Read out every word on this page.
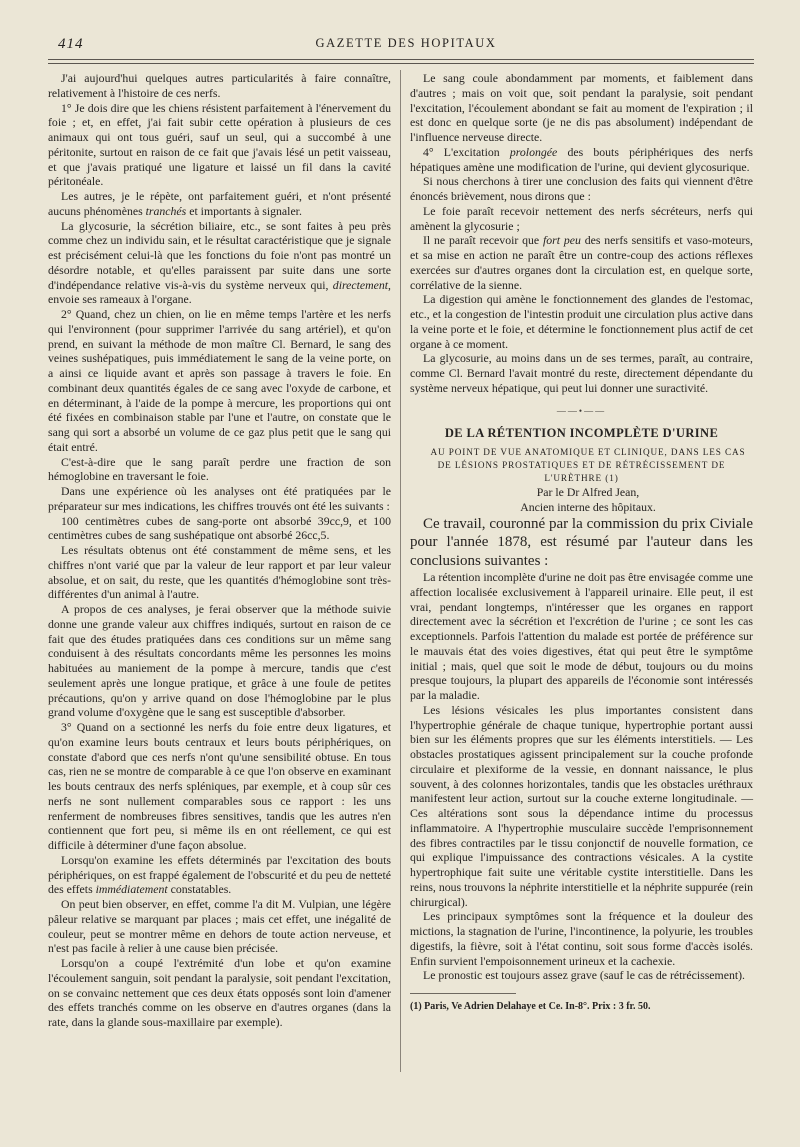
414	GAZETTE DES HOPITAUX

J'ai aujourd'hui quelques autres particularités à faire connaître, relativement à l'histoire de ces nerfs.

1° Je dois dire que les chiens résistent parfaitement à l'énervement du foie ; et, en effet, j'ai fait subir cette opération à plusieurs de ces animaux qui ont tous guéri, sauf un seul, qui a succombé à une péritonite, surtout en raison de ce fait que j'avais lésé un petit vaisseau, et que j'avais pratiqué une ligature et laissé un fil dans la cavité péritonéale.

Les autres, je le répète, ont parfaitement guéri, et n'ont présenté aucuns phénomènes tranchés et importants à signaler.

La glycosurie, la sécrétion biliaire, etc., se sont faites à peu près comme chez un individu sain, et le résultat caractéristique que je signale est précisément celui-là que les fonctions du foie n'ont pas montré un désordre notable, et qu'elles paraissent par suite dans une sorte d'indépendance relative vis-à-vis du système nerveux qui, directement, envoie ses rameaux à l'organe.

2° Quand, chez un chien, on lie en même temps l'artère et les nerfs qui l'environnent (pour supprimer l'arrivée du sang artériel), et qu'on prend, en suivant la méthode de mon maître Cl. Bernard, le sang des veines sushépatiques, puis immédiatement le sang de la veine porte, on a ainsi ce liquide avant et après son passage à travers le foie. En combinant deux quantités égales de ce sang avec l'oxyde de carbone, et en déterminant, à l'aide de la pompe à mercure, les proportions qui ont été fixées en combinaison stable par l'une et l'autre, on constate que le sang qui sort a absorbé un volume de ce gaz plus petit que le sang qui était entré.

C'est-à-dire que le sang paraît perdre une fraction de son hémoglobine en traversant le foie.

Dans une expérience où les analyses ont été pratiquées par le préparateur sur mes indications, les chiffres trouvés ont été les suivants :

100 centimètres cubes de sang-porte ont absorbé 39cc,9, et 100 centimètres cubes de sang sushépatique ont absorbé 26cc,5.

Les résultats obtenus ont été constamment de même sens, et les chiffres n'ont varié que par la valeur de leur rapport et par leur valeur absolue, et on sait, du reste, que les quantités d'hémoglobine sont très-différentes d'un animal à l'autre.

A propos de ces analyses, je ferai observer que la méthode suivie donne une grande valeur aux chiffres indiqués, surtout en raison de ce fait que des études pratiquées dans ces conditions sur un même sang conduisent à des résultats concordants même les personnes les moins habituées au maniement de la pompe à mercure, tandis que c'est seulement après une longue pratique, et grâce à une foule de petites précautions, qu'on y arrive quand on dose l'hémoglobine par le plus grand volume d'oxygène que le sang est susceptible d'absorber.

3° Quand on a sectionné les nerfs du foie entre deux ligatures, et qu'on examine leurs bouts centraux et leurs bouts périphériques, on constate d'abord que ces nerfs n'ont qu'une sensibilité obtuse. En tous cas, rien ne se montre de comparable à ce que l'on observe en examinant les bouts centraux des nerfs spléniques, par exemple, et à coup sûr ces nerfs ne sont nullement comparables sous ce rapport : les uns renferment de nombreuses fibres sensitives, tandis que les autres n'en contiennent que fort peu, si même ils en ont réellement, ce qui est difficile à déterminer d'une façon absolue.

Lorsqu'on examine les effets déterminés par l'excitation des bouts périphériques, on est frappé également de l'obscurité et du peu de netteté des effets immédiatement constatables.

On peut bien observer, en effet, comme l'a dit M. Vulpian, une légère pâleur relative se marquant par places ; mais cet effet, une inégalité de couleur, peut se montrer même en dehors de toute action nerveuse, et n'est pas facile à relier à une cause bien précisée.

Lorsqu'on a coupé l'extrémité d'un lobe et qu'on examine l'écoulement sanguin, soit pendant la paralysie, soit pendant l'excitation, on se convainc nettement que ces deux états opposés sont loin d'amener des effets tranchés comme on les observe en d'autres organes (dans la rate, dans la glande sous-maxillaire par exemple).

Le sang coule abondamment par moments, et faiblement dans d'autres ; mais on voit que, soit pendant la paralysie, soit pendant l'excitation, l'écoulement abondant se fait au moment de l'expiration ; il est donc en quelque sorte (je ne dis pas absolument) indépendant de l'influence nerveuse directe.

4° L'excitation prolongée des bouts périphériques des nerfs hépatiques amène une modification de l'urine, qui devient glycosurique.

Si nous cherchons à tirer une conclusion des faits qui viennent d'être énoncés brièvement, nous dirons que :

Le foie paraît recevoir nettement des nerfs sécréteurs, nerfs qui amènent la glycosurie ;

Il ne paraît recevoir que fort peu des nerfs sensitifs et vaso-moteurs, et sa mise en action ne paraît être un contre-coup des actions réflexes exercées sur d'autres organes dont la circulation est, en quelque sorte, corrélative de la sienne.

La digestion qui amène le fonctionnement des glandes de l'estomac, etc., et la congestion de l'intestin produit une circulation plus active dans la veine porte et le foie, et détermine le fonctionnement plus actif de cet organe à ce moment.

La glycosurie, au moins dans un de ses termes, paraît, au contraire, comme Cl. Bernard l'avait montré du reste, directement dépendante du système nerveux hépatique, qui peut lui donner une suractivité.

——•——
DE LA RÉTENTION INCOMPLÈTE D'URINE

AU POINT DE VUE ANATOMIQUE ET CLINIQUE, DANS LES CAS DE LÉSIONS PROSTATIQUES ET DE RÉTRÉCISSEMENT DE L'URÈTHRE (1)

Par le Dr Alfred Jean,

Ancien interne des hôpitaux.

Ce travail, couronné par la commission du prix Civiale pour l'année 1878, est résumé par l'auteur dans les conclusions suivantes :

La rétention incomplète d'urine ne doit pas être envisagée comme une affection localisée exclusivement à l'appareil urinaire. Elle peut, il est vrai, pendant longtemps, n'intéresser que les organes en rapport directement avec la sécrétion et l'excrétion de l'urine ; ce sont les cas exceptionnels. Parfois l'attention du malade est portée de préférence sur le mauvais état des voies digestives, état qui peut être le symptôme initial ; mais, quel que soit le mode de début, toujours ou du moins presque toujours, la plupart des appareils de l'économie sont intéressés par la maladie.

Les lésions vésicales les plus importantes consistent dans l'hypertrophie générale de chaque tunique, hypertrophie portant aussi bien sur les éléments propres que sur les éléments interstitiels. — Les obstacles prostatiques agissent principalement sur la couche profonde circulaire et plexiforme de la vessie, en donnant naissance, le plus souvent, à des colonnes horizontales, tandis que les obstacles uréthraux manifestent leur action, surtout sur la couche externe longitudinale. — Ces altérations sont sous la dépendance intime du processus inflammatoire. A l'hypertrophie musculaire succède l'emprisonnement des fibres contractiles par le tissu conjonctif de nouvelle formation, ce qui explique l'impuissance des contractions vésicales. A la cystite hypertrophique fait suite une véritable cystite interstitielle. Dans les reins, nous trouvons la néphrite interstitielle et la néphrite suppurée (rein chirurgical).

Les principaux symptômes sont la fréquence et la douleur des mictions, la stagnation de l'urine, l'incontinence, la polyurie, les troubles digestifs, la fièvre, soit à l'état continu, soit sous forme d'accès isolés. Enfin survient l'empoisonnement urineux et la cachexie.

Le pronostic est toujours assez grave (sauf le cas de rétrécissement).

(1) Paris, Ve Adrien Delahaye et Ce. In-8°. Prix : 3 fr. 50.
